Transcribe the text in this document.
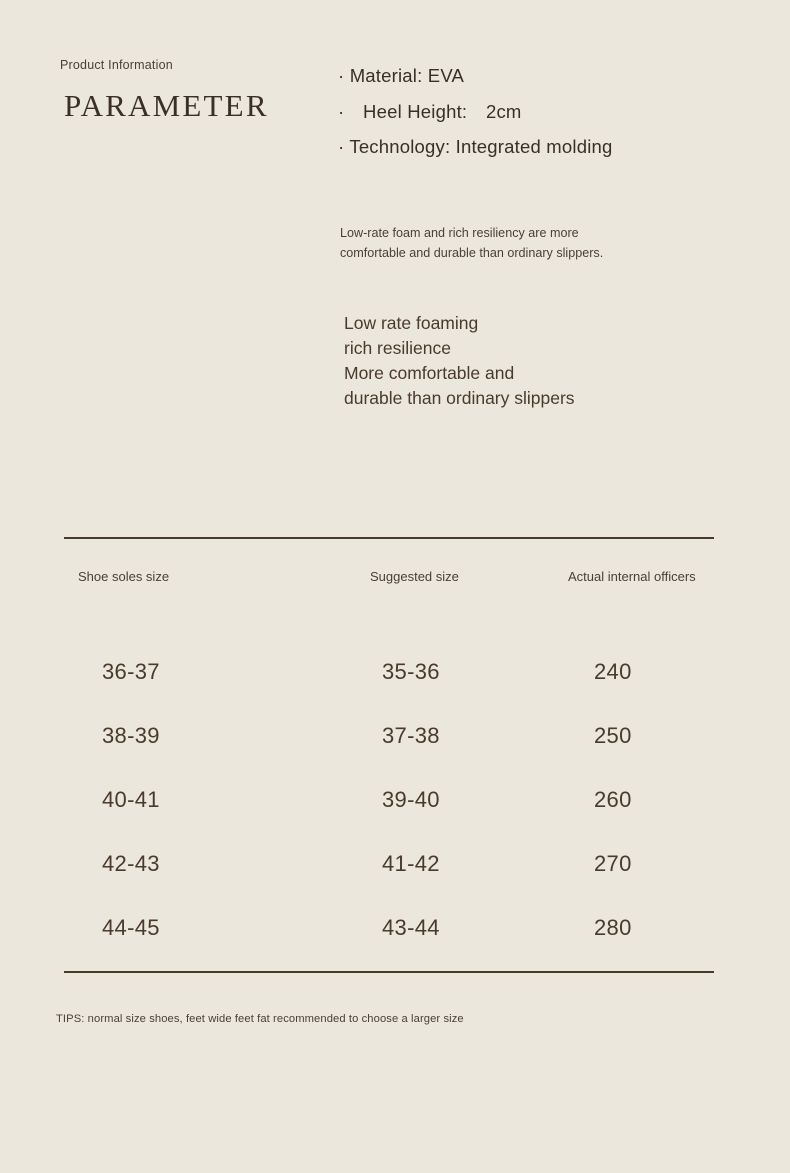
Product Information
PARAMETER
· Material: EVA
·　Heel Height:　2cm
· Technology: Integrated molding
Low-rate foam and rich resiliency are more comfortable and durable than ordinary slippers.
Low rate foaming
rich resilience
More comfortable and
durable than ordinary slippers
Shoe soles size	Suggested size	Actual internal officers
36-37	35-36	240
38-39	37-38	250
40-41	39-40	260
42-43	41-42	270
44-45	43-44	280
TIPS: normal size shoes, feet wide feet fat recommended to choose a larger size
